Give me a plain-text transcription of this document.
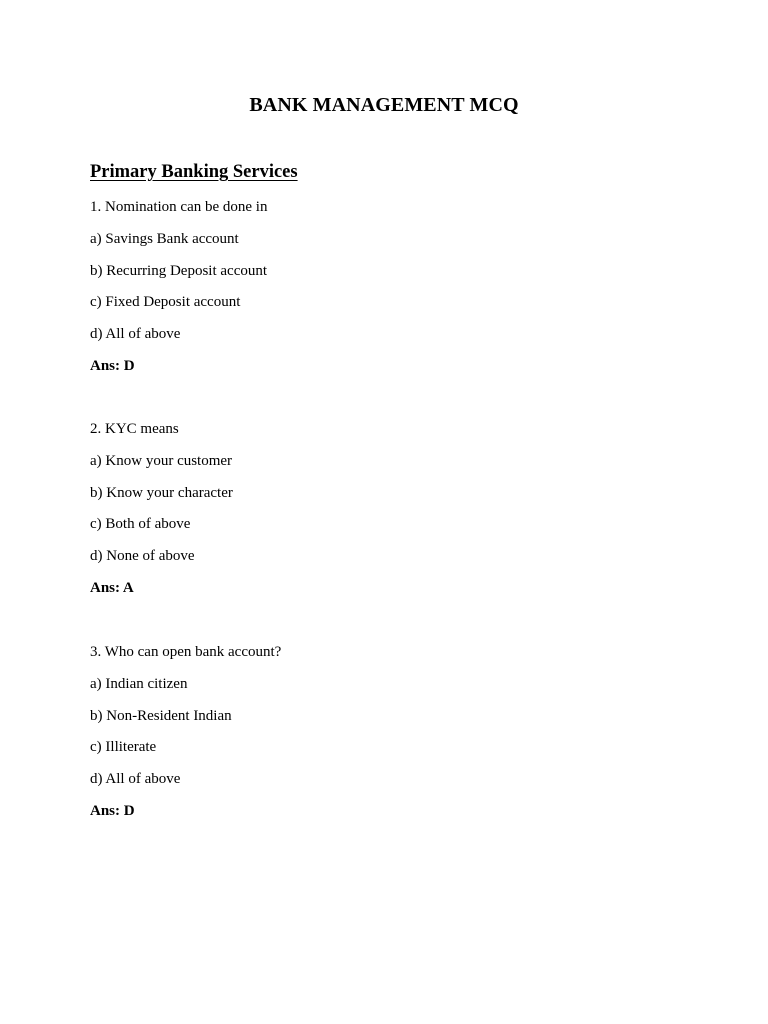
BANK MANAGEMENT MCQ
Primary Banking Services

1. Nomination can be done in

a) Savings Bank account

b) Recurring Deposit account

c) Fixed Deposit account

d) All of above

Ans: D

2. KYC means

a) Know your customer

b) Know your character

c) Both of above

d) None of above

Ans: A

3. Who can open bank account?

a) Indian citizen

b) Non-Resident Indian

c) Illiterate

d) All of above

Ans: D
